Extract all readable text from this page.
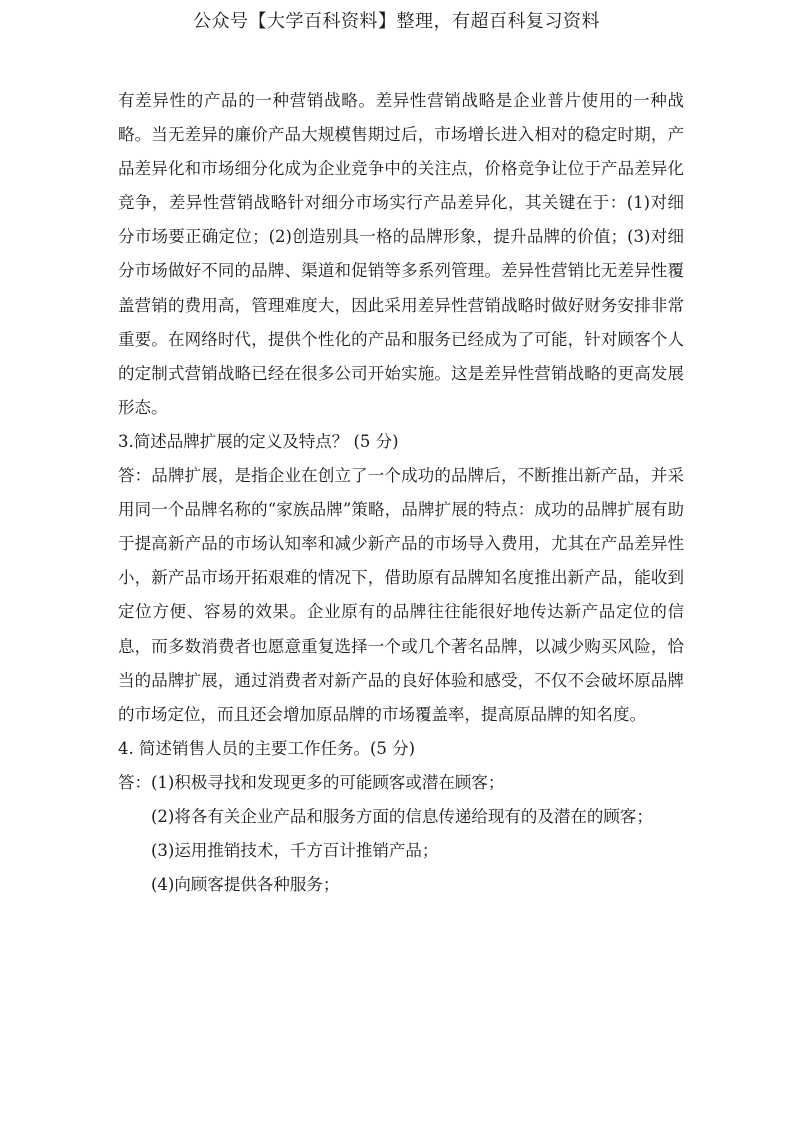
公众号【大学百科资料】整理，有超百科复习资料

有差异性的产品的一种营销战略。差异性营销战略是企业普片使用的一种战略。当无差异的廉价产品大规模售期过后，市场增长进入相对的稳定时期，产品差异化和市场细分化成为企业竞争中的关注点，价格竞争让位于产品差异化竞争，差异性营销战略针对细分市场实行产品差异化，其关键在于：(1)对细分市场要正确定位；(2)创造别具一格的品牌形象，提升品牌的价值；(3)对细分市场做好不同的品牌、渠道和促销等多系列管理。差异性营销比无差异性覆盖营销的费用高，管理难度大，因此采用差异性营销战略时做好财务安排非常重要。在网络时代，提供个性化的产品和服务已经成为了可能，针对顾客个人的定制式营销战略已经在很多公司开始实施。这是差异性营销战略的更高发展形态。

3.简述品牌扩展的定义及特点？ (5 分)

答：品牌扩展，是指企业在创立了一个成功的品牌后，不断推出新产品，并采用同一个品牌名称的“家族品牌”策略，品牌扩展的特点：成功的品牌扩展有助于提高新产品的市场认知率和减少新产品的市场导入费用，尤其在产品差异性小，新产品市场开拓艰难的情况下，借助原有品牌知名度推出新产品，能收到定位方便、容易的效果。企业原有的品牌往往能很好地传达新产品定位的信息，而多数消费者也愿意重复选择一个或几个著名品牌，以减少购买风险，恰当的品牌扩展，通过消费者对新产品的良好体验和感受，不仅不会破坏原品牌的市场定位，而且还会增加原品牌的市场覆盖率，提高原品牌的知名度。

4. 简述销售人员的主要工作任务。(5 分)

答：(1)积极寻找和发现更多的可能顾客或潜在顾客；

(2)将各有关企业产品和服务方面的信息传递给现有的及潜在的顾客；

(3)运用推销技术，千方百计推销产品；

(4)向顾客提供各种服务；
